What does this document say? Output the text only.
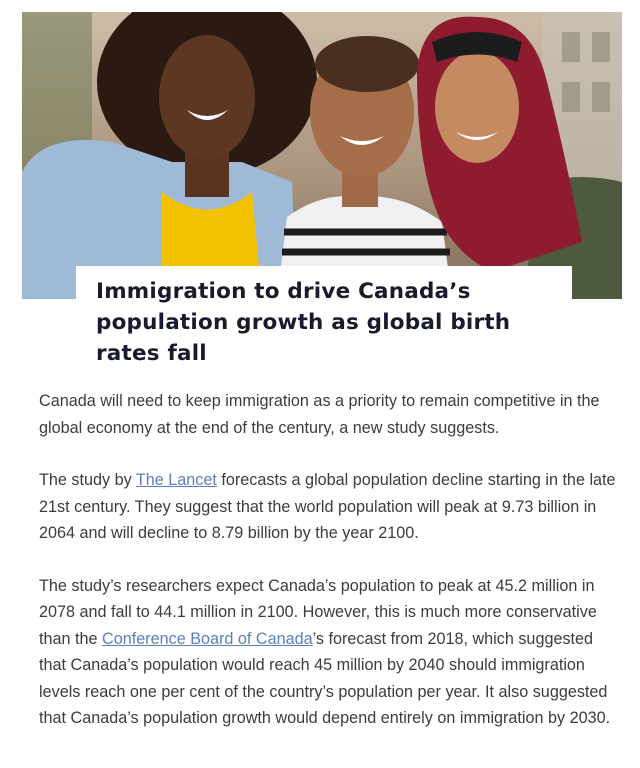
Immigration to drive Canada’s population growth as global birth rates fall

Canada will need to keep immigration as a priority to remain competitive in the global economy at the end of the century, a new study suggests.

The study by The Lancet forecasts a global population decline starting in the late 21st century. They suggest that the world population will peak at 9.73 billion in 2064 and will decline to 8.79 billion by the year 2100.

The study’s researchers expect Canada’s population to peak at 45.2 million in 2078 and fall to 44.1 million in 2100. However, this is much more conservative than the Conference Board of Canada’s forecast from 2018, which suggested that Canada’s population would reach 45 million by 2040 should immigration levels reach one per cent of the country’s population per year. It also suggested that Canada’s population growth would depend entirely on immigration by 2030.
